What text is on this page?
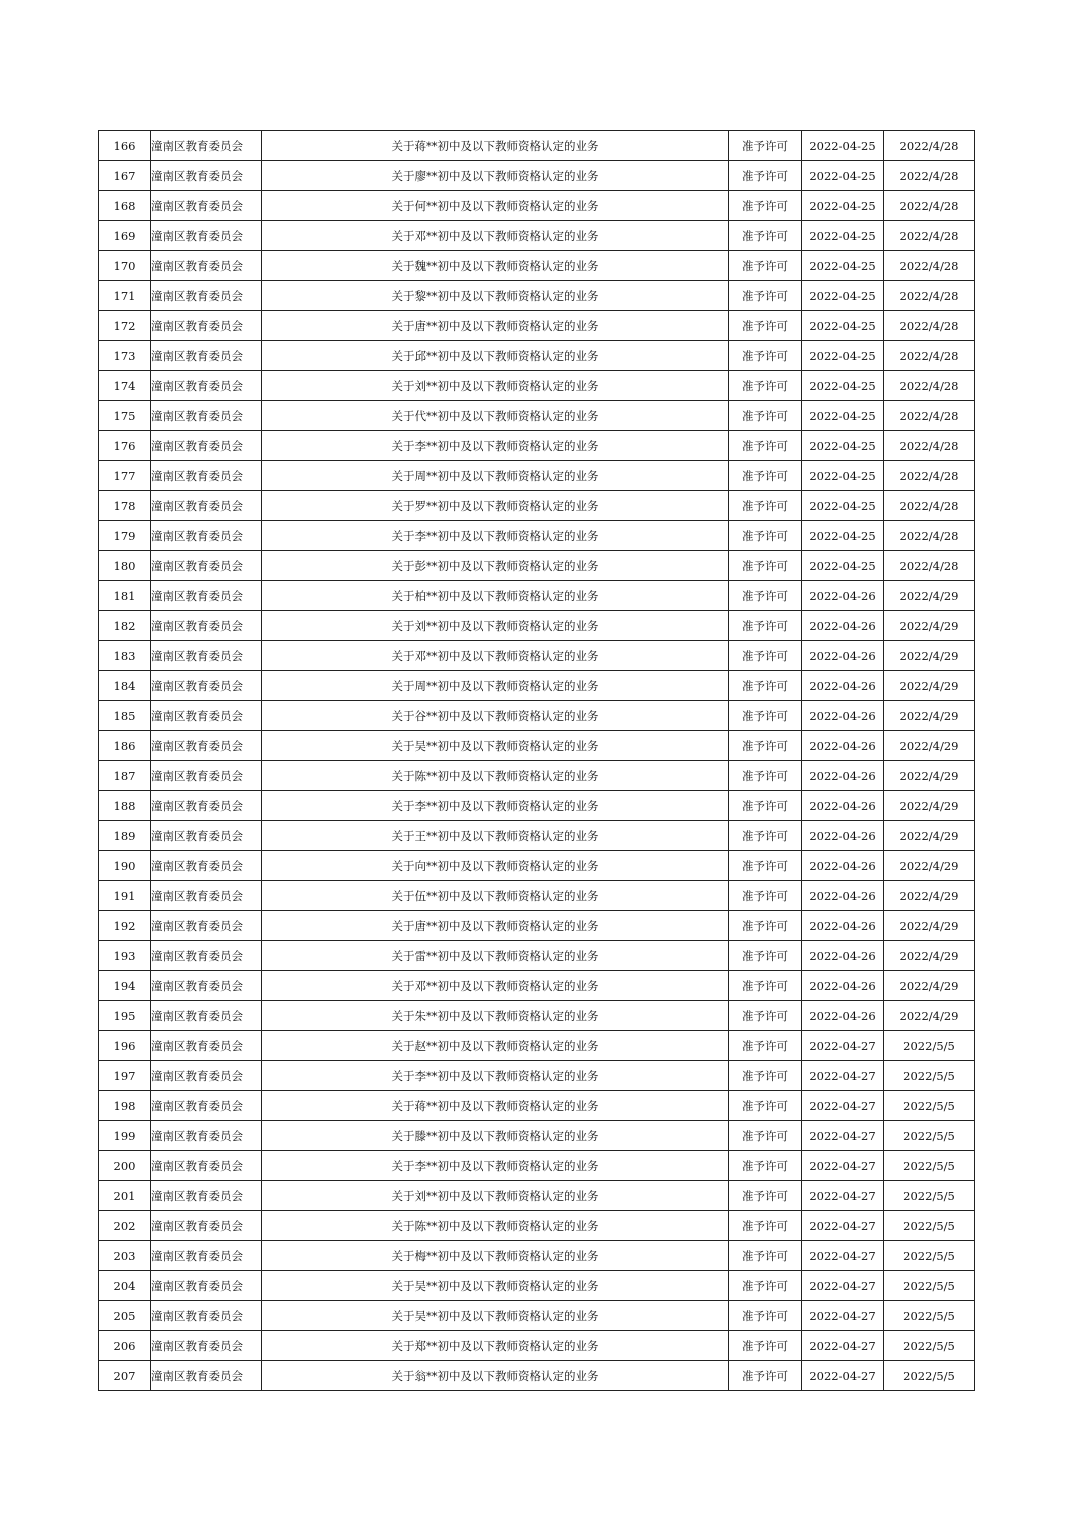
166	潼南区教育委员会	关于蒋**初中及以下教师资格认定的业务	准予许可	2022-04-25	2022/4/28
167	潼南区教育委员会	关于廖**初中及以下教师资格认定的业务	准予许可	2022-04-25	2022/4/28
168	潼南区教育委员会	关于何**初中及以下教师资格认定的业务	准予许可	2022-04-25	2022/4/28
169	潼南区教育委员会	关于邓**初中及以下教师资格认定的业务	准予许可	2022-04-25	2022/4/28
170	潼南区教育委员会	关于魏**初中及以下教师资格认定的业务	准予许可	2022-04-25	2022/4/28
171	潼南区教育委员会	关于黎**初中及以下教师资格认定的业务	准予许可	2022-04-25	2022/4/28
172	潼南区教育委员会	关于唐**初中及以下教师资格认定的业务	准予许可	2022-04-25	2022/4/28
173	潼南区教育委员会	关于邱**初中及以下教师资格认定的业务	准予许可	2022-04-25	2022/4/28
174	潼南区教育委员会	关于刘**初中及以下教师资格认定的业务	准予许可	2022-04-25	2022/4/28
175	潼南区教育委员会	关于代**初中及以下教师资格认定的业务	准予许可	2022-04-25	2022/4/28
176	潼南区教育委员会	关于李**初中及以下教师资格认定的业务	准予许可	2022-04-25	2022/4/28
177	潼南区教育委员会	关于周**初中及以下教师资格认定的业务	准予许可	2022-04-25	2022/4/28
178	潼南区教育委员会	关于罗**初中及以下教师资格认定的业务	准予许可	2022-04-25	2022/4/28
179	潼南区教育委员会	关于李**初中及以下教师资格认定的业务	准予许可	2022-04-25	2022/4/28
180	潼南区教育委员会	关于彭**初中及以下教师资格认定的业务	准予许可	2022-04-25	2022/4/28
181	潼南区教育委员会	关于柏**初中及以下教师资格认定的业务	准予许可	2022-04-26	2022/4/29
182	潼南区教育委员会	关于刘**初中及以下教师资格认定的业务	准予许可	2022-04-26	2022/4/29
183	潼南区教育委员会	关于邓**初中及以下教师资格认定的业务	准予许可	2022-04-26	2022/4/29
184	潼南区教育委员会	关于周**初中及以下教师资格认定的业务	准予许可	2022-04-26	2022/4/29
185	潼南区教育委员会	关于谷**初中及以下教师资格认定的业务	准予许可	2022-04-26	2022/4/29
186	潼南区教育委员会	关于吴**初中及以下教师资格认定的业务	准予许可	2022-04-26	2022/4/29
187	潼南区教育委员会	关于陈**初中及以下教师资格认定的业务	准予许可	2022-04-26	2022/4/29
188	潼南区教育委员会	关于李**初中及以下教师资格认定的业务	准予许可	2022-04-26	2022/4/29
189	潼南区教育委员会	关于王**初中及以下教师资格认定的业务	准予许可	2022-04-26	2022/4/29
190	潼南区教育委员会	关于向**初中及以下教师资格认定的业务	准予许可	2022-04-26	2022/4/29
191	潼南区教育委员会	关于伍**初中及以下教师资格认定的业务	准予许可	2022-04-26	2022/4/29
192	潼南区教育委员会	关于唐**初中及以下教师资格认定的业务	准予许可	2022-04-26	2022/4/29
193	潼南区教育委员会	关于雷**初中及以下教师资格认定的业务	准予许可	2022-04-26	2022/4/29
194	潼南区教育委员会	关于邓**初中及以下教师资格认定的业务	准予许可	2022-04-26	2022/4/29
195	潼南区教育委员会	关于朱**初中及以下教师资格认定的业务	准予许可	2022-04-26	2022/4/29
196	潼南区教育委员会	关于赵**初中及以下教师资格认定的业务	准予许可	2022-04-27	2022/5/5
197	潼南区教育委员会	关于李**初中及以下教师资格认定的业务	准予许可	2022-04-27	2022/5/5
198	潼南区教育委员会	关于蒋**初中及以下教师资格认定的业务	准予许可	2022-04-27	2022/5/5
199	潼南区教育委员会	关于滕**初中及以下教师资格认定的业务	准予许可	2022-04-27	2022/5/5
200	潼南区教育委员会	关于李**初中及以下教师资格认定的业务	准予许可	2022-04-27	2022/5/5
201	潼南区教育委员会	关于刘**初中及以下教师资格认定的业务	准予许可	2022-04-27	2022/5/5
202	潼南区教育委员会	关于陈**初中及以下教师资格认定的业务	准予许可	2022-04-27	2022/5/5
203	潼南区教育委员会	关于梅**初中及以下教师资格认定的业务	准予许可	2022-04-27	2022/5/5
204	潼南区教育委员会	关于吴**初中及以下教师资格认定的业务	准予许可	2022-04-27	2022/5/5
205	潼南区教育委员会	关于吴**初中及以下教师资格认定的业务	准予许可	2022-04-27	2022/5/5
206	潼南区教育委员会	关于郑**初中及以下教师资格认定的业务	准予许可	2022-04-27	2022/5/5
207	潼南区教育委员会	关于翁**初中及以下教师资格认定的业务	准予许可	2022-04-27	2022/5/5
